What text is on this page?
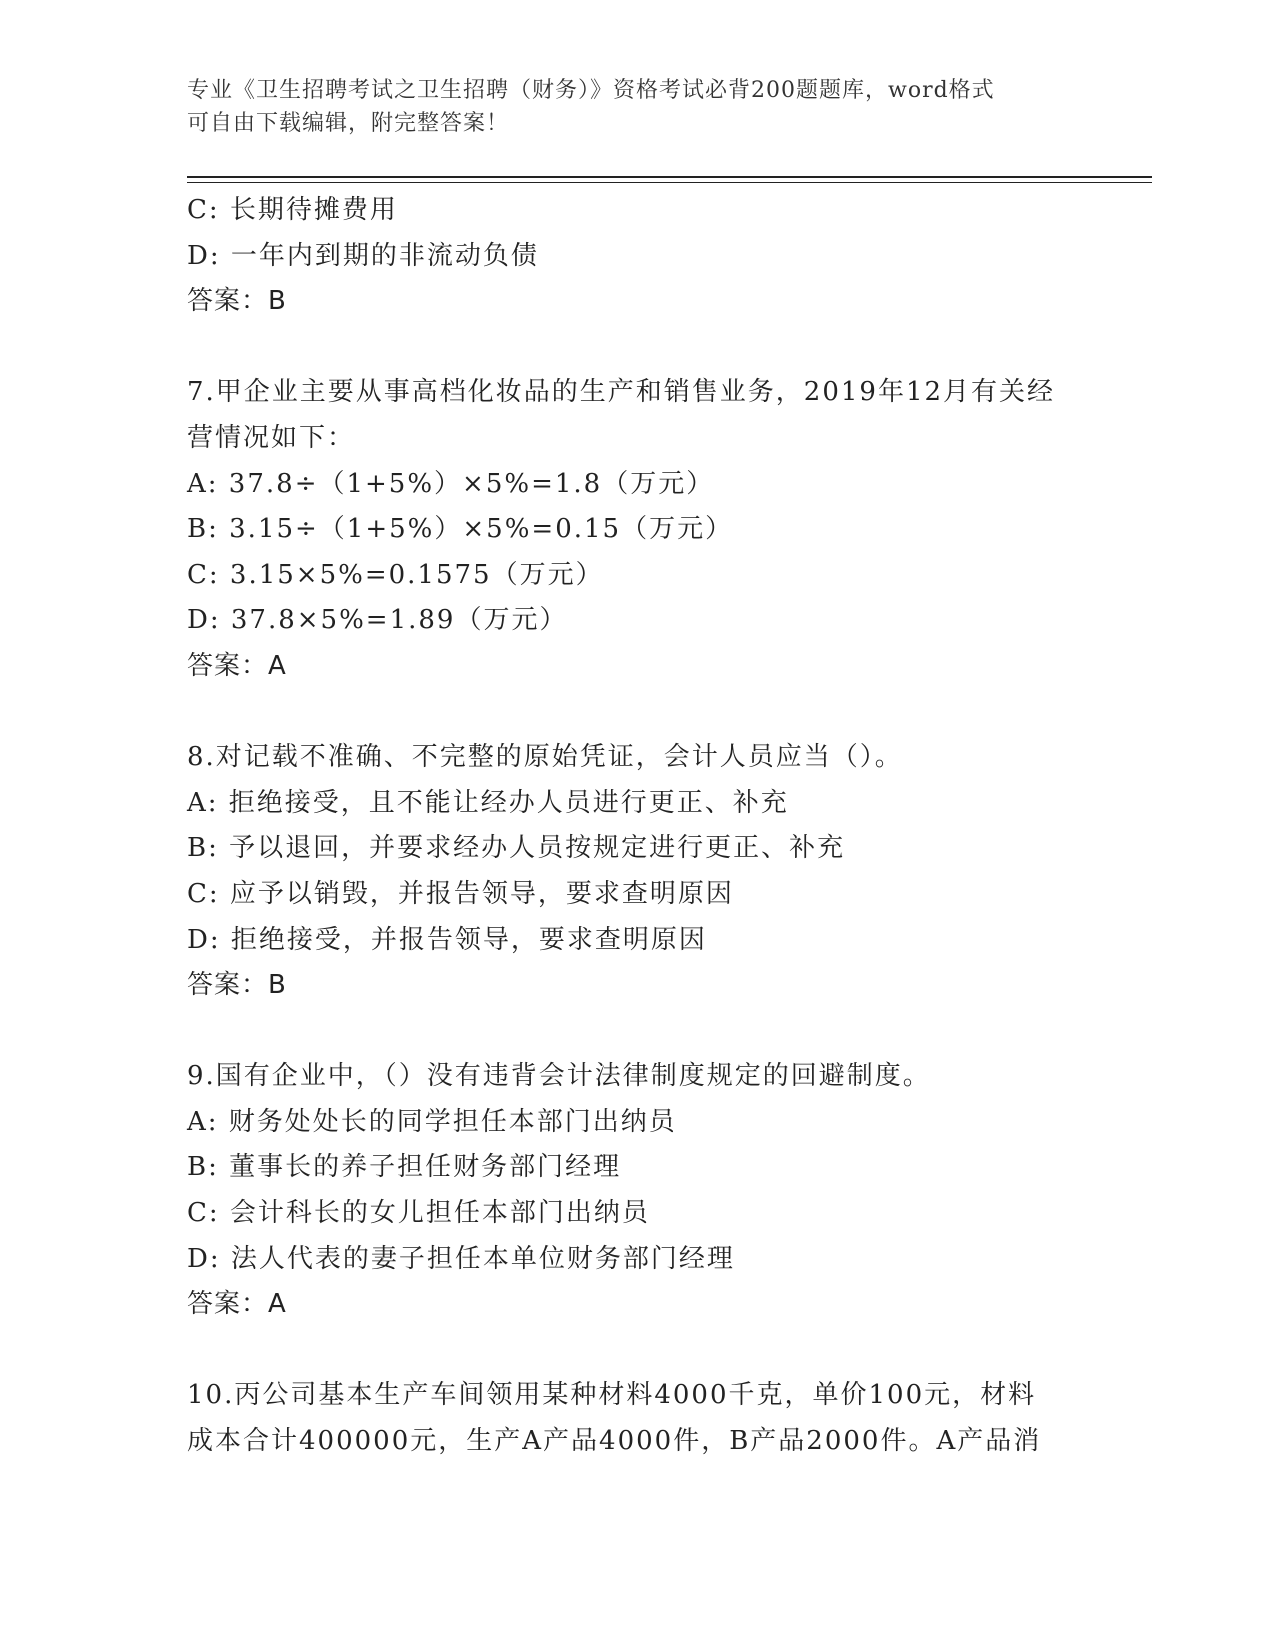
专业《卫生招聘考试之卫生招聘（财务）》资格考试必背200题题库，word格式
可自由下载编辑，附完整答案！
C: 长期待摊费用
D: 一年内到期的非流动负债
答案：B
7.甲企业主要从事高档化妆品的生产和销售业务，2019年12月有关经
营情况如下：
A: 37.8÷（1+5%）×5%=1.8（万元）
B: 3.15÷（1+5%）×5%=0.15（万元）
C: 3.15×5%=0.1575（万元）
D: 37.8×5%=1.89（万元）
答案：A
8.对记载不准确、不完整的原始凭证，会计人员应当（）。
A: 拒绝接受，且不能让经办人员进行更正、补充
B: 予以退回，并要求经办人员按规定进行更正、补充
C: 应予以销毁，并报告领导，要求查明原因
D: 拒绝接受，并报告领导，要求查明原因
答案：B
9.国有企业中，（）没有违背会计法律制度规定的回避制度。
A: 财务处处长的同学担任本部门出纳员
B: 董事长的养子担任财务部门经理
C: 会计科长的女儿担任本部门出纳员
D: 法人代表的妻子担任本单位财务部门经理
答案：A
10.丙公司基本生产车间领用某种材料4000千克，单价100元，材料
成本合计400000元，生产A产品4000件，B产品2000件。A产品消
